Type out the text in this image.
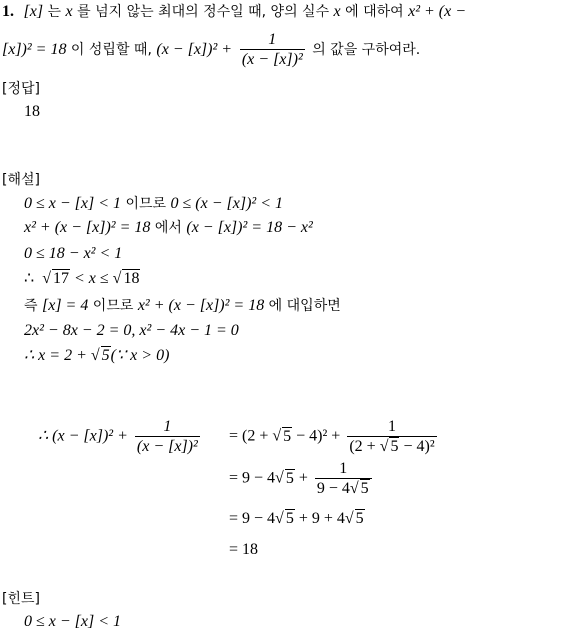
1. [x] 는 x 를 넘지 않는 최대의 정수일 때, 양의 실수 x 에 대하여 x² + (x −
[x])² = 18 이 성립할 때, $(x - [x])^2 + \frac{1}{\text{(x − [x])²}}$ 의 값을 구하여라.
[정답]
18
[해설]
0 ≤ x − [x] < 1 이므로 0 ≤ (x − [x])² < 1
x² + (x − [x])² = 18 에서 (x − [x])² = 18 − x²
0 ≤ 18 − x² < 1
∴  √ 17 < x ≤ √ 18
즉 [x] = 4 이므로 x² + (x − [x])² = 18 에 대입하면
2x² − 8x − 2 = 0, x² − 4x − 1 = 0
∴ x = 2 + √ 5(∵ x > 0)
∴ $(x - [x])^2 + \frac{1}{\text{(x − [x])²}} = (2$ + √ $5 - 4)^2 + \frac{1}{\text{(2 + √ 5 − 4)²}}$
= 9 − 4√ $5 + \frac{1}{9 - 4√ 5}$
= 9 − 4√ 5 + 9 + 4√ 5
= 18
[힌트]
0 ≤ x − [x] < 1
